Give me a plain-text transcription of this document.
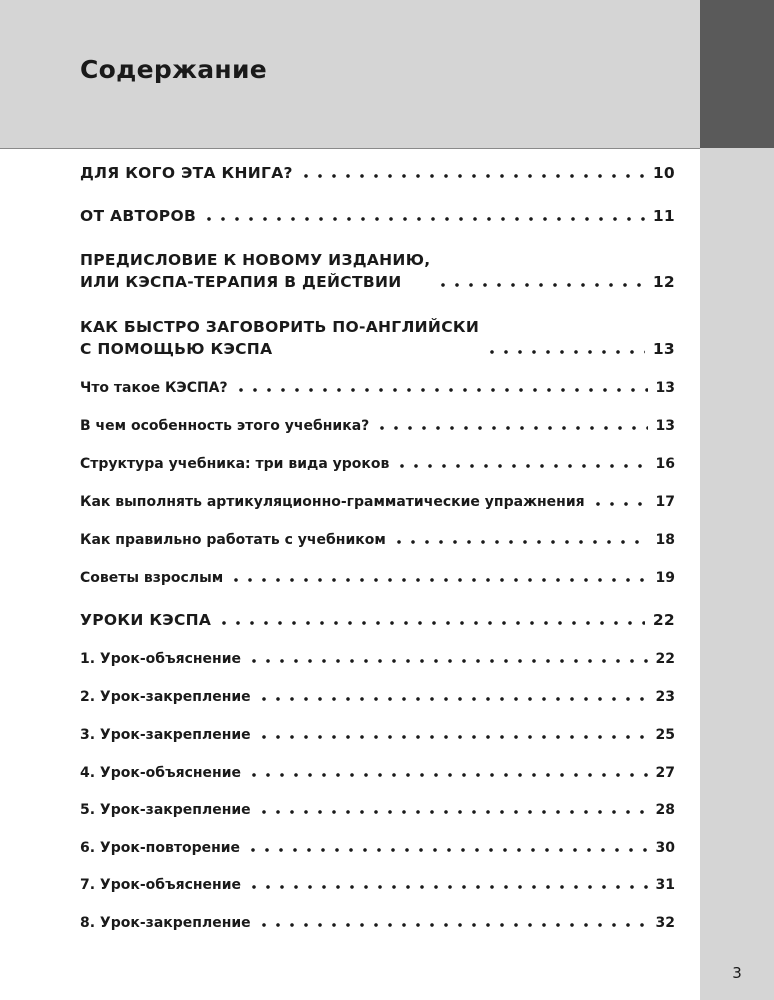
Содержание
ДЛЯ КОГО ЭТА КНИГА?	10
ОТ АВТОРОВ	11
ПРЕДИСЛОВИЕ К НОВОМУ ИЗДАНИЮ,
ИЛИ КЭСПА-ТЕРАПИЯ В ДЕЙСТВИИ	12
КАК БЫСТРО ЗАГОВОРИТЬ ПО-АНГЛИЙСКИ
С ПОМОЩЬЮ КЭСПА	13
Что такое КЭСПА?	13
В чем особенность этого учебника?	13
Структура учебника: три вида уроков	16
Как выполнять артикуляционно-грамматические упражнения	17
Как правильно работать с учебником	18
Советы взрослым	19
УРОКИ КЭСПА	22
1. Урок-объяснение	22
2. Урок-закрепление	23
3. Урок-закрепление	25
4. Урок-объяснение	27
5. Урок-закрепление	28
6. Урок-повторение	30
7. Урок-объяснение	31
8. Урок-закрепление	32
3
